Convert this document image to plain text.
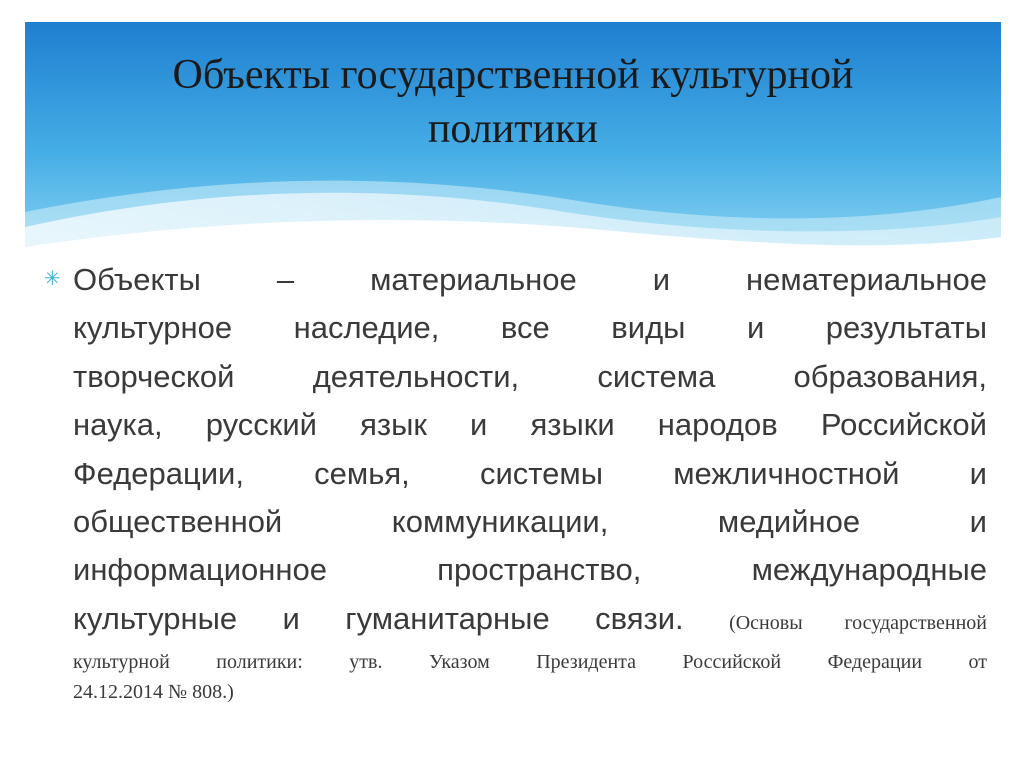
Объекты государственной культурной
политики
✳ Объекты – материальное и нематериальное
культурное наследие, все виды и результаты
творческой деятельности, система образования,
наука, русский язык и языки народов Российской
Федерации, семья, системы межличностной и
общественной коммуникации, медийное и
информационное пространство, международные
культурные и гуманитарные связи. (Основы государственной
культурной политики: утв. Указом Президента Российской Федерации от
24.12.2014 № 808.)
